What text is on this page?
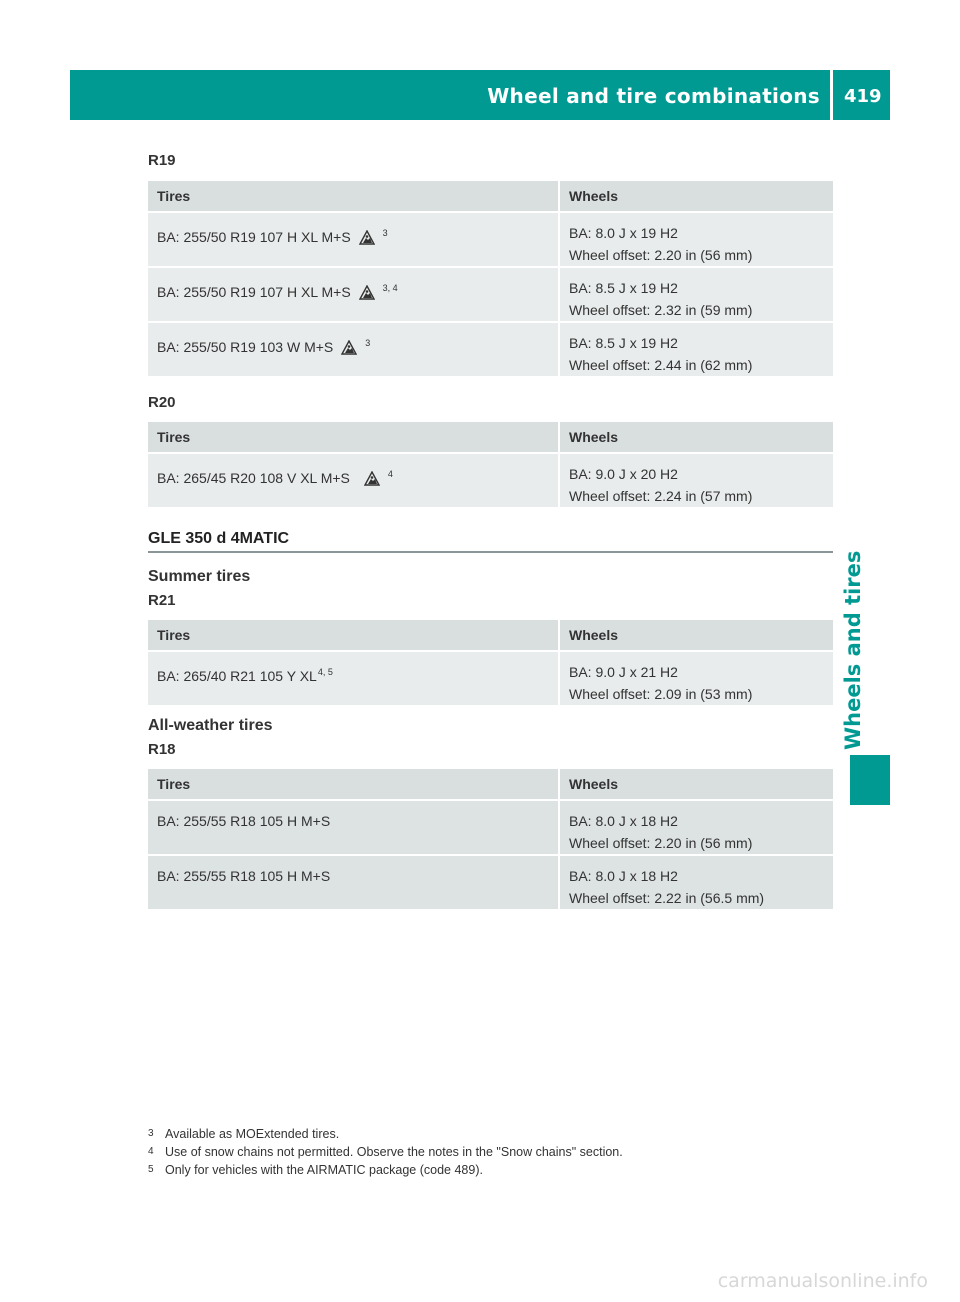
Wheel and tire combinations 419
Wheels and tires
R19
Tires	Wheels
BA: 255/50 R19 107 H XL M+S $^3$	BA: 8.0 J x 19 H2
Wheel offset: 2.20 in (56 mm)

BA: 255/50 R19 107 H XL M+S $^{3, 4}$	BA: 8.5 J x 19 H2
Wheel offset: 2.32 in (59 mm)

BA: 255/50 R19 103 W M+S $^3$	BA: 8.5 J x 19 H2
Wheel offset: 2.44 in (62 mm)
R20
Tires	Wheels
BA: 265/45 R20 108 V XL M+S $^4$	BA: 9.0 J x 20 H2
Wheel offset: 2.24 in (57 mm)
GLE 350 d 4MATIC
Summer tires
R21
Tires	Wheels
BA: 265/40 R21 105 Y XL$^{4, 5}$	BA: 9.0 J x 21 H2
Wheel offset: 2.09 in (53 mm)
All-weather tires
R18
Tires	Wheels
BA: 255/55 R18 105 H M+S	BA: 8.0 J x 18 H2
Wheel offset: 2.20 in (56 mm)

BA: 255/55 R18 105 H M+S	BA: 8.0 J x 18 H2
Wheel offset: 2.22 in (56.5 mm)
3 Available as MOExtended tires.
4 Use of snow chains not permitted. Observe the notes in the "Snow chains" section.
5 Only for vehicles with the AIRMATIC package (code 489).
carmanualsonline.info
